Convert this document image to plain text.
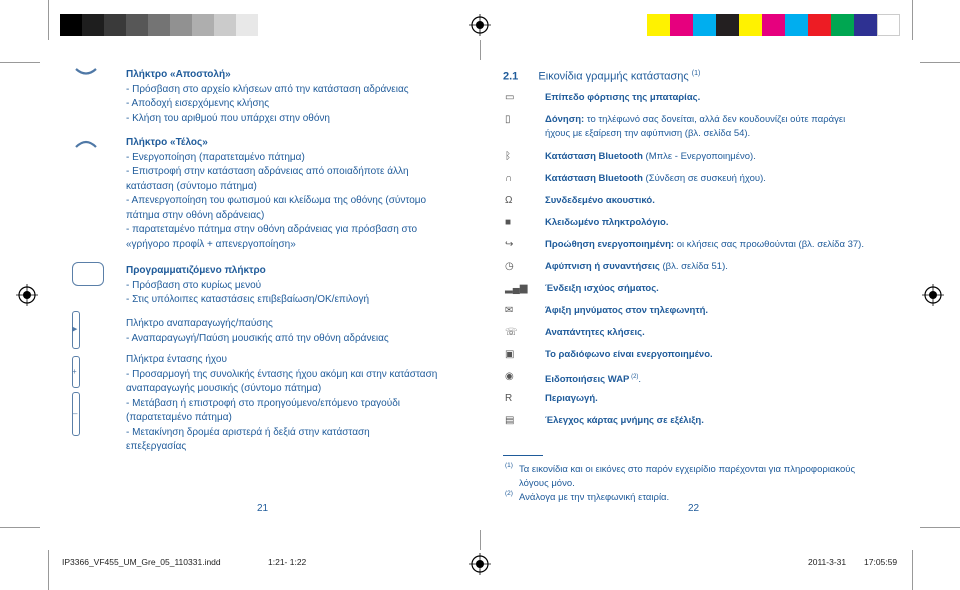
▶
+
–
Πλήκτρο «Αποστολή»
- Πρόσβαση στο αρχείο κλήσεων από την κατάσταση αδράνειας
- Αποδοχή εισερχόμενης κλήσης
- Κλήση του αριθμού που υπάρχει στην οθόνη
Πλήκτρο «Τέλος»
- Ενεργοποίηση (παρατεταμένο πάτημα)
- Επιστροφή στην κατάσταση αδράνειας από οποιαδήποτε άλλη
κατάσταση (σύντομο πάτημα)
- Απενεργοποίηση του φωτισμού και κλείδωμα της οθόνης (σύντομο
πάτημα στην οθόνη αδράνειας)
- παρατεταμένο πάτημα στην οθόνη αδράνειας για πρόσβαση στο
«γρήγορο προφίλ + απενεργοποίηση»
Προγραμματιζόμενο πλήκτρο
- Πρόσβαση στο κυρίως μενού
- Στις υπόλοιπες καταστάσεις επιβεβαίωση/OK/επιλογή
Πλήκτρο αναπαραγωγής/παύσης
- Αναπαραγωγή/Παύση μουσικής από την οθόνη αδράνειας
Πλήκτρα έντασης ήχου
- Προσαρμογή της συνολικής έντασης ήχου ακόμη και στην κατάσταση
αναπαραγωγής μουσικής (σύντομο πάτημα)
- Μετάβαση ή επιστροφή στο προηγούμενο/επόμενο τραγούδι
(παρατεταμένο πάτημα)
- Μετακίνηση δρομέα αριστερά ή δεξιά στην κατάσταση
επεξεργασίας
21
2.1 Εικονίδια γραμμής κατάστασης $^{(1)}$
▭	Επίπεδο φόρτισης της μπαταρίας.
▯	Δόνηση: το τηλέφωνό σας δονείται, αλλά δεν κουδουνίζει ούτε παράγει
ήχους με εξαίρεση την αφύπνιση (βλ. σελίδα 54).
ᛒ	Κατάσταση Bluetooth (Μπλε - Ενεργοποιημένο).
∩	Κατάσταση Bluetooth (Σύνδεση σε συσκευή ήχου).
Ω	Συνδεδεμένο ακουστικό.
■	Κλειδωμένο πληκτρολόγιο.
↪	Προώθηση ενεργοποιημένη: οι κλήσεις σας προωθούνται (βλ. σελίδα 37).
◷	Αφύπνιση ή συναντήσεις (βλ. σελίδα 51).
▂▄▆ Ένδειξη ισχύος σήματος.
✉	Άφιξη μηνύματος στον τηλεφωνητή.
☏	Αναπάντητες κλήσεις.
▣	Το ραδιόφωνο είναι ενεργοποιημένο.
◉	Ειδοποιήσεις WAP $^{(2)}$.
R	Περιαγωγή.
▤	Έλεγχος κάρτας μνήμης σε εξέλιξη.
(1) Τα εικονίδια και οι εικόνες στο παρόν εγχειρίδιο παρέχονται για πληροφοριακούς
λόγους μόνο.
(2) Ανάλογα με την τηλεφωνική εταιρία.
22
IP3366_VF455_UM_Gre_05_110331.indd	1:21- 1:22	2011-3-31 17:05:59
